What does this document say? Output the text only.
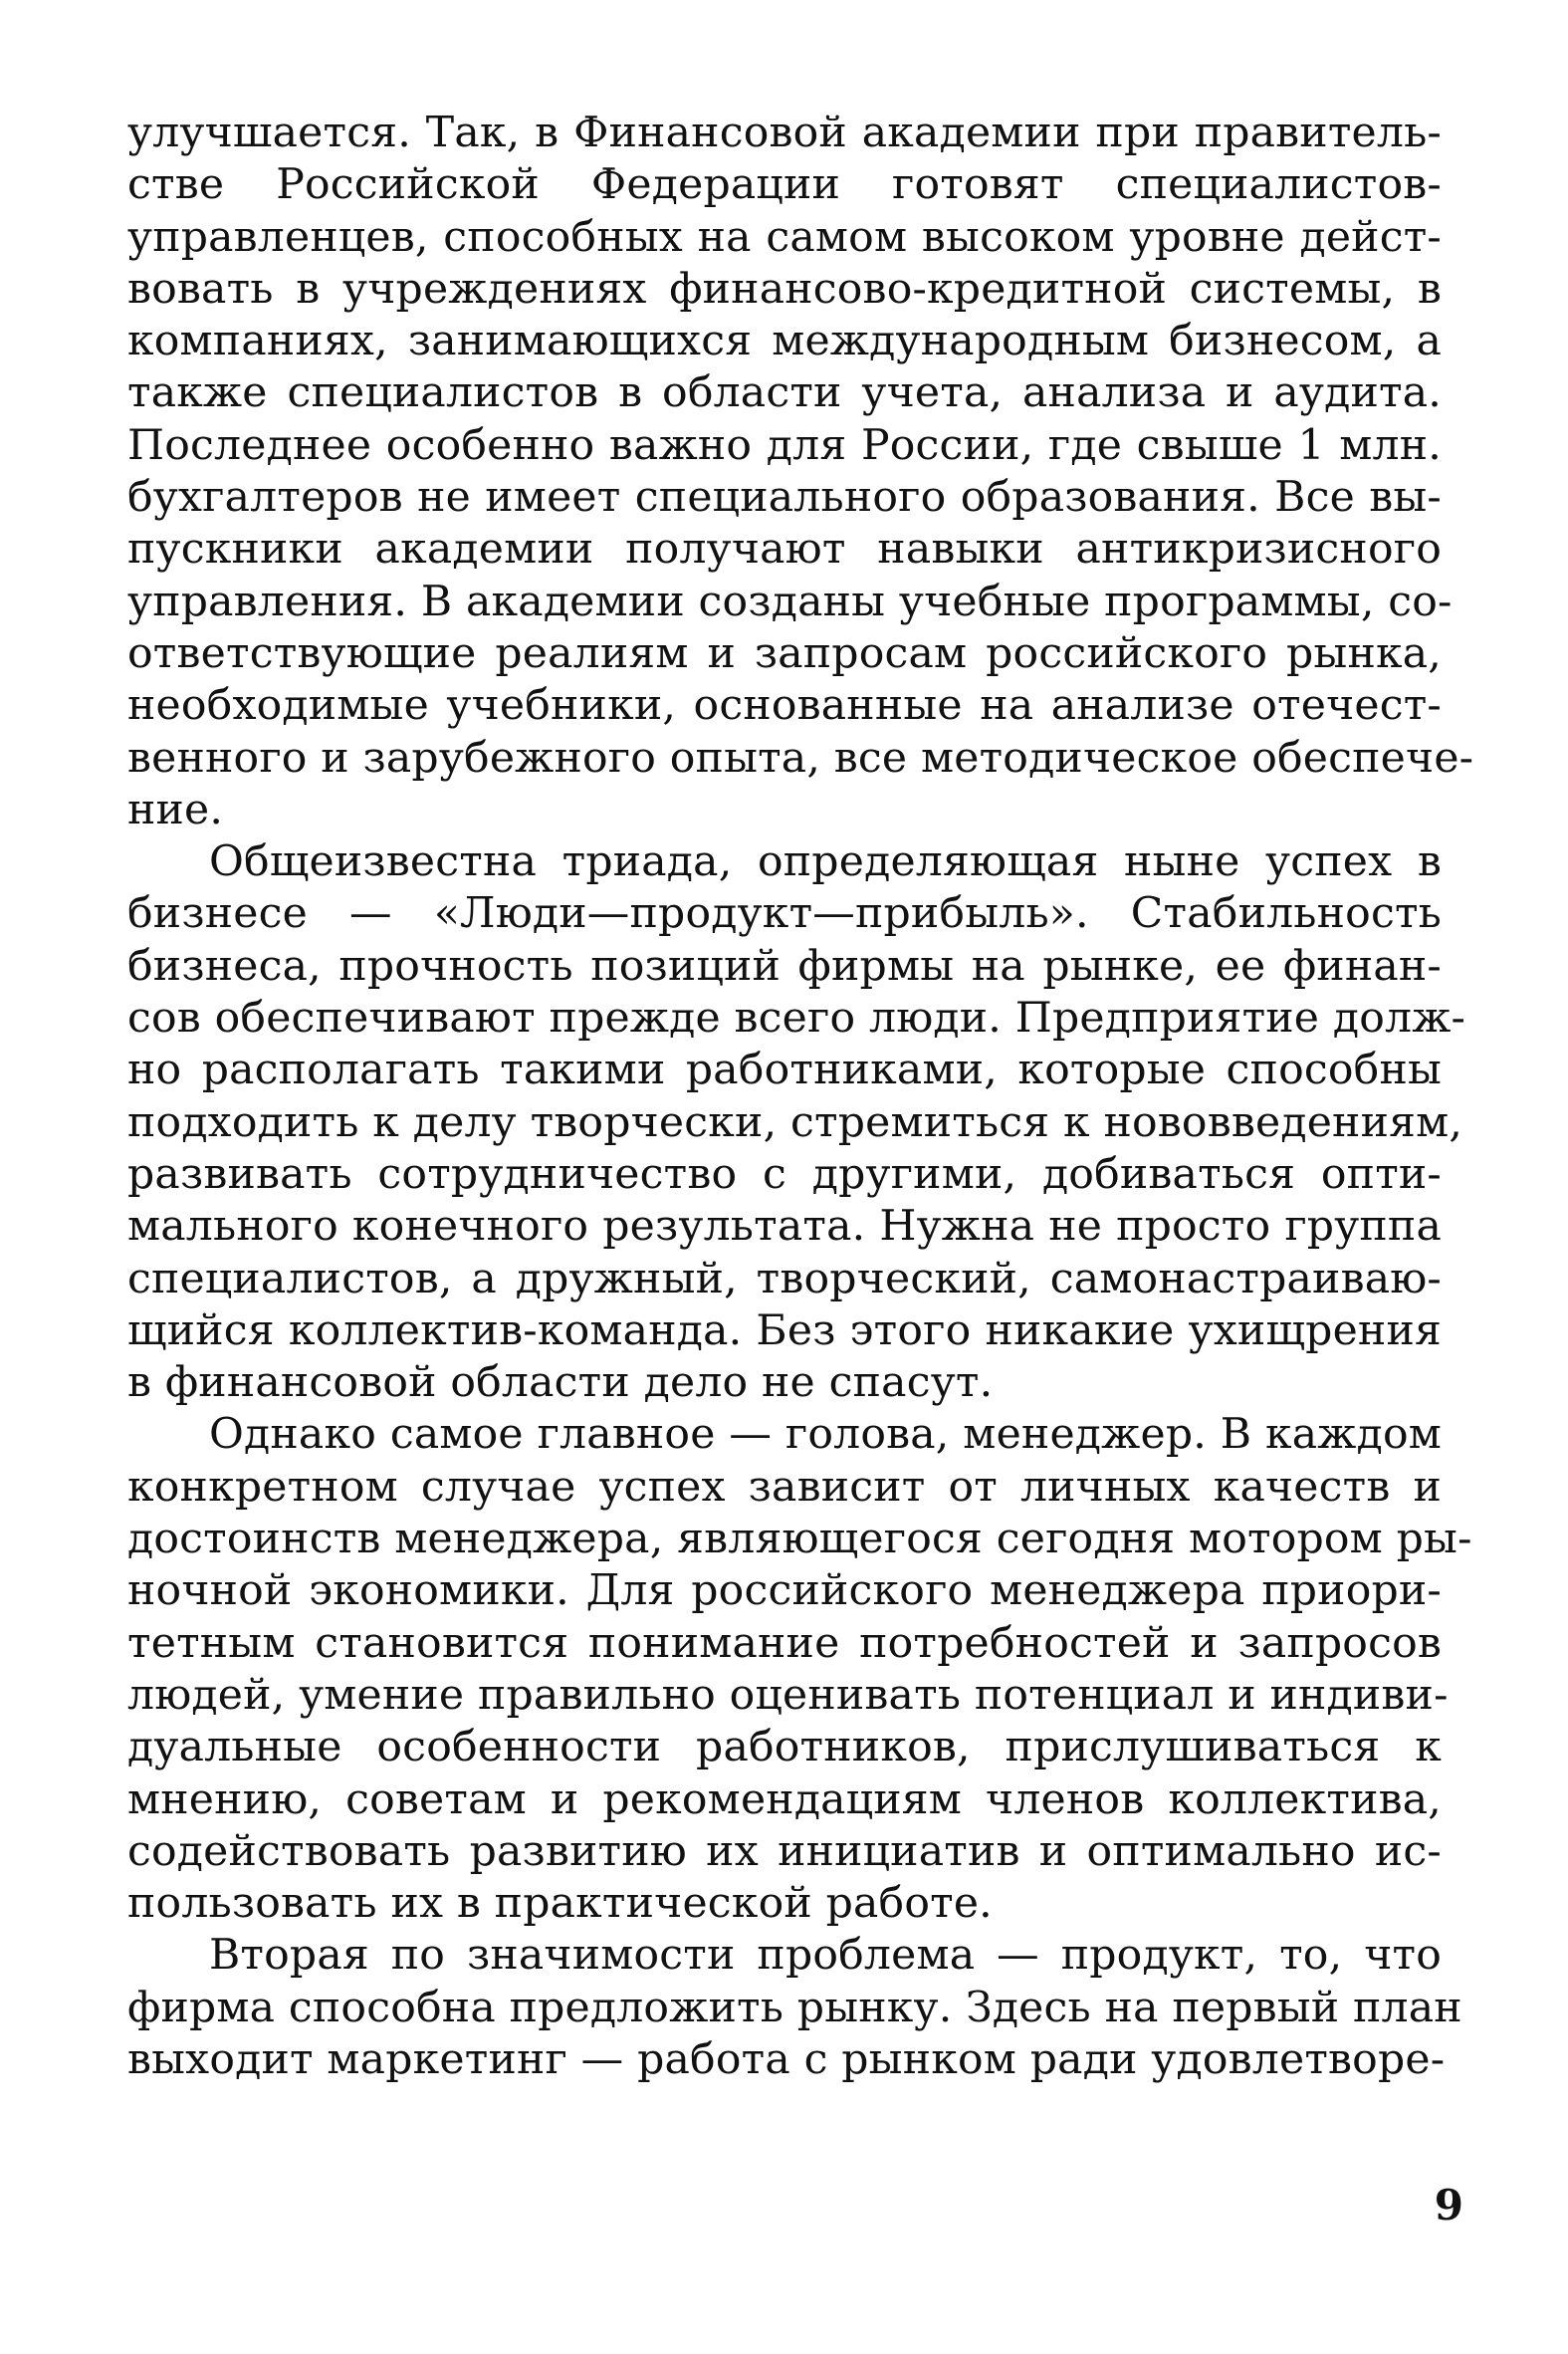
улучшается. Так, в Финансовой академии при правитель-
стве Российской Федерации готовят специалистов-
управленцев, способных на самом высоком уровне дейст-
вовать в учреждениях финансово-кредитной системы, в
компаниях, занимающихся международным бизнесом, а
также специалистов в области учета, анализа и аудита.
Последнее особенно важно для России, где свыше 1 млн.
бухгалтеров не имеет специального образования. Все вы-
пускники академии получают навыки антикризисного
управления. В академии созданы учебные программы, со-
ответствующие реалиям и запросам российского рынка,
необходимые учебники, основанные на анализе отечест-
венного и зарубежного опыта, все методическое обеспече-
ние.
Общеизвестна триада, определяющая ныне успех в
бизнесе — «Люди—продукт—прибыль». Стабильность
бизнеса, прочность позиций фирмы на рынке, ее финан-
сов обеспечивают прежде всего люди. Предприятие долж-
но располагать такими работниками, которые способны
подходить к делу творчески, стремиться к нововведениям,
развивать сотрудничество с другими, добиваться опти-
мального конечного результата. Нужна не просто группа
специалистов, а дружный, творческий, самонастраиваю-
щийся коллектив-команда. Без этого никакие ухищрения
в финансовой области дело не спасут.
Однако самое главное — голова, менеджер. В каждом
конкретном случае успех зависит от личных качеств и
достоинств менеджера, являющегося сегодня мотором ры-
ночной экономики. Для российского менеджера приори-
тетным становится понимание потребностей и запросов
людей, умение правильно оценивать потенциал и индиви-
дуальные особенности работников, прислушиваться к
мнению, советам и рекомендациям членов коллектива,
содействовать развитию их инициатив и оптимально ис-
пользовать их в практической работе.
Вторая по значимости проблема — продукт, то, что
фирма способна предложить рынку. Здесь на первый план
выходит маркетинг — работа с рынком ради удовлетворе-
9
